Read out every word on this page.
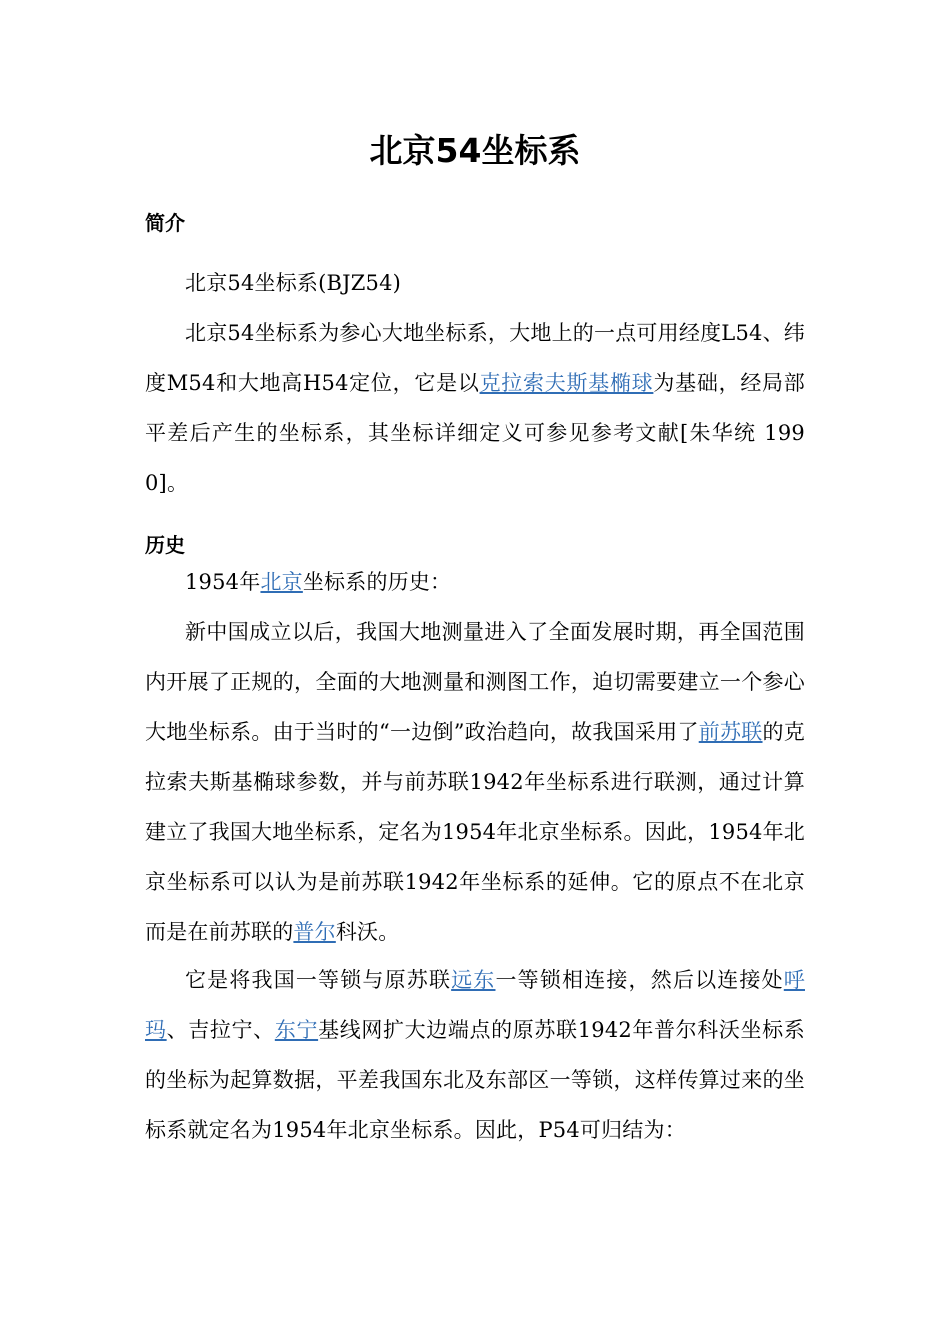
北京54坐标系
简介

北京54坐标系(BJZ54)

北京54坐标系为参心大地坐标系，大地上的一点可用经度L54、纬度M54和大地高H54定位，它是以克拉索夫斯基椭球为基础，经局部平差后产生的坐标系，其坐标详细定义可参见参考文献[朱华统 1990]。

历史

1954年北京坐标系的历史：

新中国成立以后，我国大地测量进入了全面发展时期，再全国范围内开展了正规的，全面的大地测量和测图工作，迫切需要建立一个参心大地坐标系。由于当时的“一边倒”政治趋向，故我国采用了前苏联的克拉索夫斯基椭球参数，并与前苏联1942年坐标系进行联测，通过计算建立了我国大地坐标系，定名为1954年北京坐标系。因此，1954年北京坐标系可以认为是前苏联1942年坐标系的延伸。它的原点不在北京而是在前苏联的普尔科沃。

它是将我国一等锁与原苏联远东一等锁相连接，然后以连接处呼玛、吉拉宁、东宁基线网扩大边端点的原苏联1942年普尔科沃坐标系的坐标为起算数据，平差我国东北及东部区一等锁，这样传算过来的坐标系就定名为1954年北京坐标系。因此，P54可归结为：
